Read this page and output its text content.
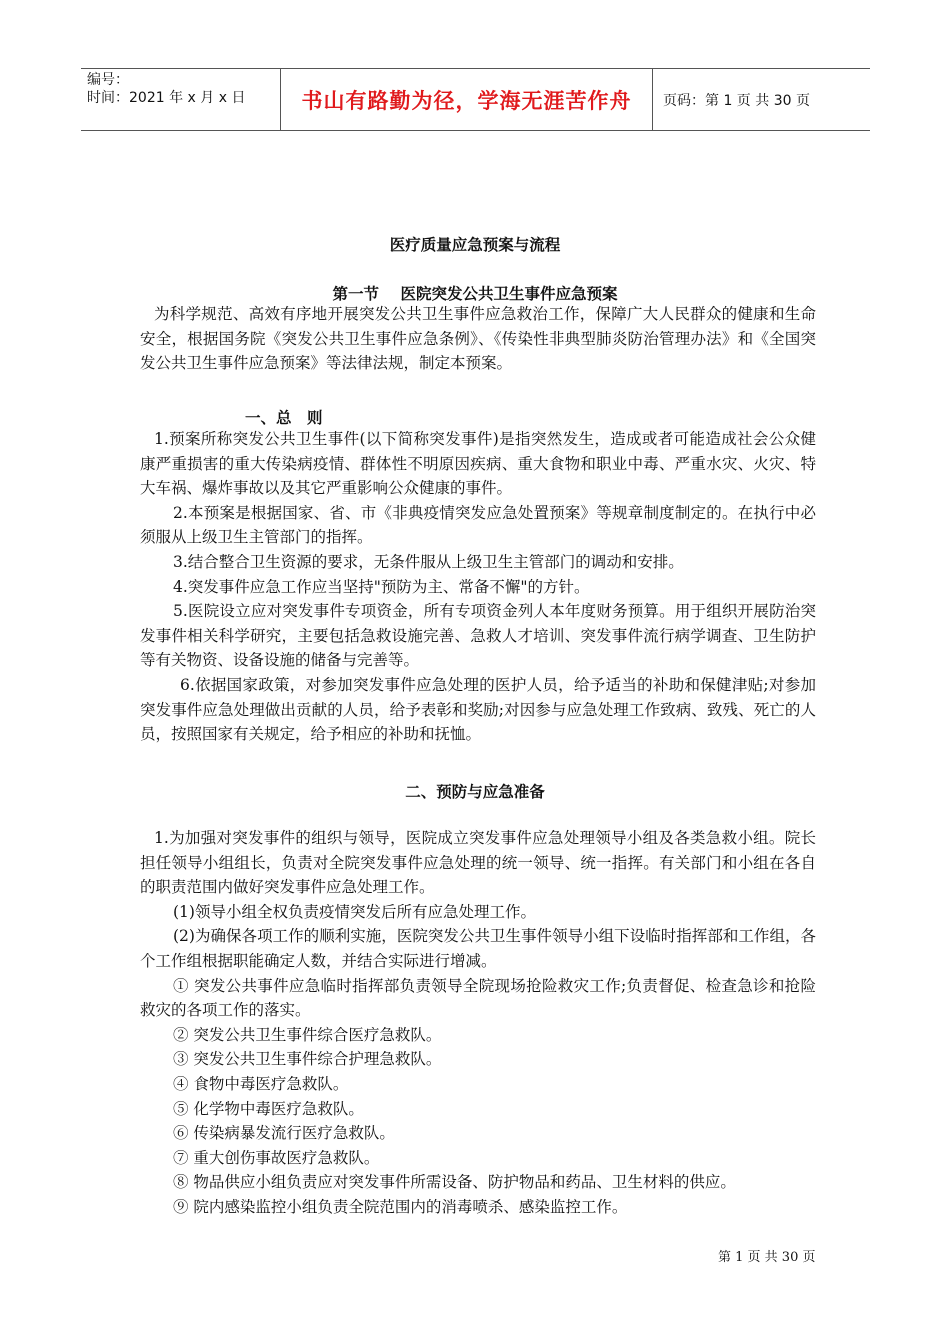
编号：
时间：2021 年 x 月 x 日	书山有路勤为径，学海无涯苦作舟	页码：第 1 页 共 30 页
医疗质量应急预案与流程
第一节 医院突发公共卫生事件应急预案
为科学规范、高效有序地开展突发公共卫生事件应急救治工作，保障广大人民群众的健康和生命安全，根据国务院《突发公共卫生事件应急条例》、《传染性非典型肺炎防治管理办法》和《全国突发公共卫生事件应急预案》等法律法规，制定本预案。
一、总　则
1.预案所称突发公共卫生事件(以下简称突发事件)是指突然发生，造成或者可能造成社会公众健康严重损害的重大传染病疫情、群体性不明原因疾病、重大食物和职业中毒、严重水灾、火灾、特大车祸、爆炸事故以及其它严重影响公众健康的事件。
2.本预案是根据国家、省、市《非典疫情突发应急处置预案》等规章制度制定的。在执行中必须服从上级卫生主管部门的指挥。
3.结合整合卫生资源的要求，无条件服从上级卫生主管部门的调动和安排。
4.突发事件应急工作应当坚持"预防为主、常备不懈"的方针。
5.医院设立应对突发事件专项资金，所有专项资金列人本年度财务预算。用于组织开展防治突发事件相关科学研究，主要包括急救设施完善、急救人才培训、突发事件流行病学调查、卫生防护等有关物资、设备设施的储备与完善等。
6.依据国家政策，对参加突发事件应急处理的医护人员，给予适当的补助和保健津贴;对参加突发事件应急处理做出贡献的人员，给予表彰和奖励;对因参与应急处理工作致病、致残、死亡的人员，按照国家有关规定，给予相应的补助和抚恤。
二、预防与应急准备
1.为加强对突发事件的组织与领导，医院成立突发事件应急处理领导小组及各类急救小组。院长担任领导小组组长，负责对全院突发事件应急处理的统一领导、统一指挥。有关部门和小组在各自的职责范围内做好突发事件应急处理工作。
(1)领导小组全权负责疫情突发后所有应急处理工作。
(2)为确保各项工作的顺利实施，医院突发公共卫生事件领导小组下设临时指挥部和工作组，各个工作组根据职能确定人数，并结合实际进行增减。
① 突发公共事件应急临时指挥部负责领导全院现场抢险救灾工作;负责督促、检查急诊和抢险救灾的各项工作的落实。
② 突发公共卫生事件综合医疗急救队。
③ 突发公共卫生事件综合护理急救队。
④ 食物中毒医疗急救队。
⑤ 化学物中毒医疗急救队。
⑥ 传染病暴发流行医疗急救队。
⑦ 重大创伤事故医疗急救队。
⑧ 物品供应小组负责应对突发事件所需设备、防护物品和药品、卫生材料的供应。
⑨ 院内感染监控小组负责全院范围内的消毒喷杀、感染监控工作。
第 1 页 共 30 页
